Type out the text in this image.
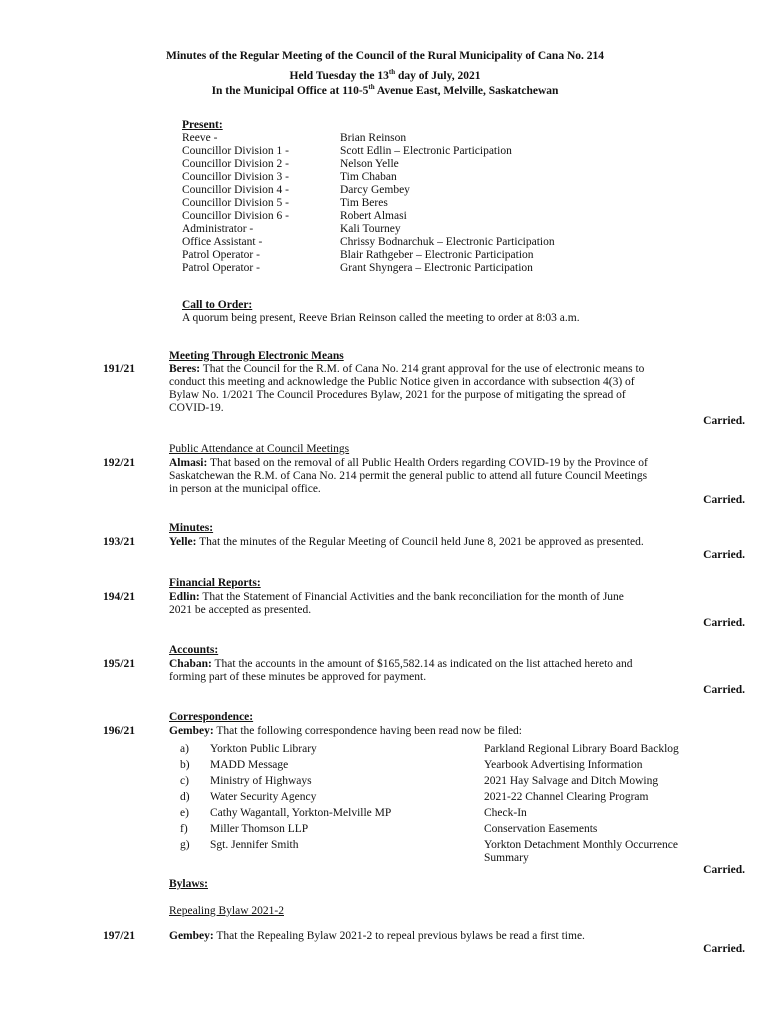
Minutes of the Regular Meeting of the Council of the Rural Municipality of Cana No. 214
Held Tuesday the 13th day of July, 2021
In the Municipal Office at 110-5th Avenue East, Melville, Saskatchewan
Present:
Reeve -	Brian Reinson
Councillor Division 1 -	Scott Edlin – Electronic Participation
Councillor Division 2 -	Nelson Yelle
Councillor Division 3 -	Tim Chaban
Councillor Division 4 -	Darcy Gembey
Councillor Division 5 -	Tim Beres
Councillor Division 6 -	Robert Almasi
Administrator -	Kali Tourney
Office Assistant -	Chrissy Bodnarchuk – Electronic Participation
Patrol Operator -	Blair Rathgeber – Electronic Participation
Patrol Operator -	Grant Shyngera – Electronic Participation
Call to Order:
A quorum being present, Reeve Brian Reinson called the meeting to order at 8:03 a.m.
Meeting Through Electronic Means
191/21	Beres: That the Council for the R.M. of Cana No. 214 grant approval for the use of electronic means to
conduct this meeting and acknowledge the Public Notice given in accordance with subsection 4(3) of
Bylaw No. 1/2021 The Council Procedures Bylaw, 2021 for the purpose of mitigating the spread of
COVID-19.
Carried.
Public Attendance at Council Meetings
192/21	Almasi: That based on the removal of all Public Health Orders regarding COVID-19 by the Province of
Saskatchewan the R.M. of Cana No. 214 permit the general public to attend all future Council Meetings
in person at the municipal office.
Carried.
Minutes:
193/21	Yelle: That the minutes of the Regular Meeting of Council held June 8, 2021 be approved as presented.
Carried.
Financial Reports:
194/21	Edlin: That the Statement of Financial Activities and the bank reconciliation for the month of June
2021 be accepted as presented.
Carried.
Accounts:
195/21	Chaban: That the accounts in the amount of $165,582.14 as indicated on the list attached hereto and
forming part of these minutes be approved for payment.
Carried.
Correspondence:
196/21	Gembey: That the following correspondence having been read now be filed:
a) Yorkton Public Library	Parkland Regional Library Board Backlog
b) MADD Message	Yearbook Advertising Information
c) Ministry of Highways	2021 Hay Salvage and Ditch Mowing
d) Water Security Agency	2021-22 Channel Clearing Program
e) Cathy Wagantall, Yorkton-Melville MP	Check-In
f) Miller Thomson LLP	Conservation Easements
g) Sgt. Jennifer Smith	Yorkton Detachment Monthly Occurrence Summary
Carried.
Bylaws:
Repealing Bylaw 2021-2
197/21	Gembey: That the Repealing Bylaw 2021-2 to repeal previous bylaws be read a first time.
Carried.
